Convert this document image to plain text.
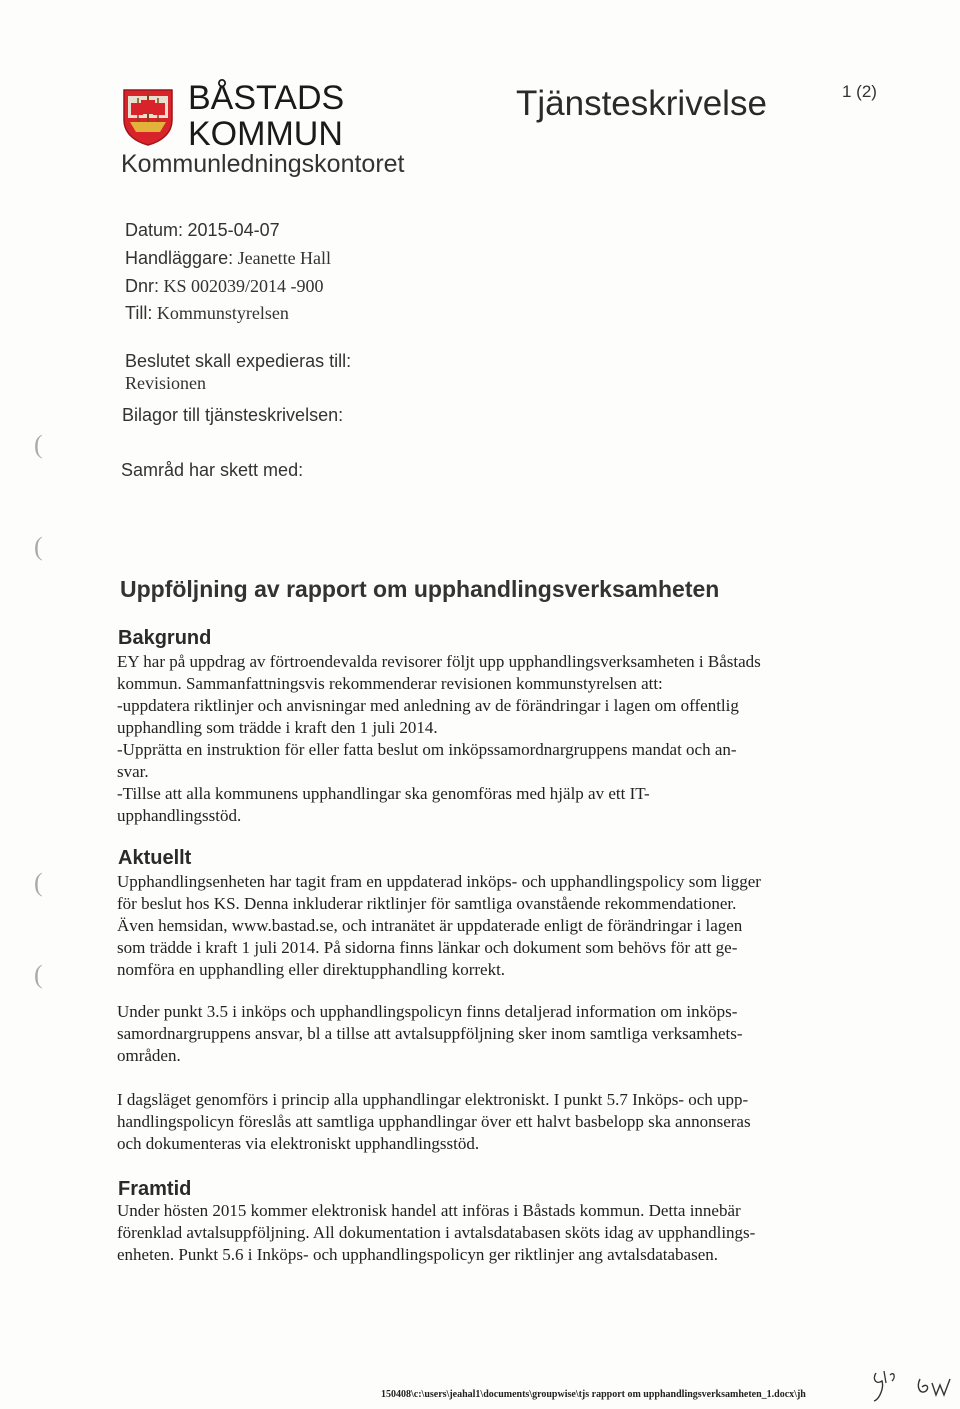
BÅSTADS
KOMMUN
Kommunledningskontoret
Tjänsteskrivelse	1 (2)
Datum: 2015-04-07
Handläggare: Jeanette Hall
Dnr: KS 002039/2014 -900
Till: Kommunstyrelsen
Beslutet skall expedieras till:
Revisionen
Bilagor till tjänsteskrivelsen:
Samråd har skett med:
(
(
(
(
Uppföljning av rapport om upphandlingsverksamheten
Bakgrund
EY har på uppdrag av förtroendevalda revisorer följt upp upphandlingsverksamheten i Båstads
kommun. Sammanfattningsvis rekommenderar revisionen kommunstyrelsen att:
-uppdatera riktlinjer och anvisningar med anledning av de förändringar i lagen om offentlig
upphandling som trädde i kraft den 1 juli 2014.
-Upprätta en instruktion för eller fatta beslut om inköpssamordnargruppens mandat och an-
svar.
-Tillse att alla kommunens upphandlingar ska genomföras med hjälp av ett IT-
upphandlingsstöd.
Aktuellt
Upphandlingsenheten har tagit fram en uppdaterad inköps- och upphandlingspolicy som ligger
för beslut hos KS. Denna inkluderar riktlinjer för samtliga ovanstående rekommendationer.
Även hemsidan, www.bastad.se, och intranätet är uppdaterade enligt de förändringar i lagen
som trädde i kraft 1 juli 2014. På sidorna finns länkar och dokument som behövs för att ge-
nomföra en upphandling eller direktupphandling korrekt.
Under punkt 3.5 i inköps och upphandlingspolicyn finns detaljerad information om inköps-
samordnargruppens ansvar, bl a tillse att avtalsuppföljning sker inom samtliga verksamhets-
områden.
I dagsläget genomförs i princip alla upphandlingar elektroniskt. I punkt 5.7 Inköps- och upp-
handlingspolicyn föreslås att samtliga upphandlingar över ett halvt basbelopp ska annonseras
och dokumenteras via elektroniskt upphandlingsstöd.
Framtid
Under hösten 2015 kommer elektronisk handel att införas i Båstads kommun. Detta innebär
förenklad avtalsuppföljning. All dokumentation i avtalsdatabasen sköts idag av upphandlings-
enheten. Punkt 5.6 i Inköps- och upphandlingspolicyn ger riktlinjer ang avtalsdatabasen.
150408\c:\users\jeahal1\documents\groupwise\tjs rapport om upphandlingsverksamheten_1.docx\jh
